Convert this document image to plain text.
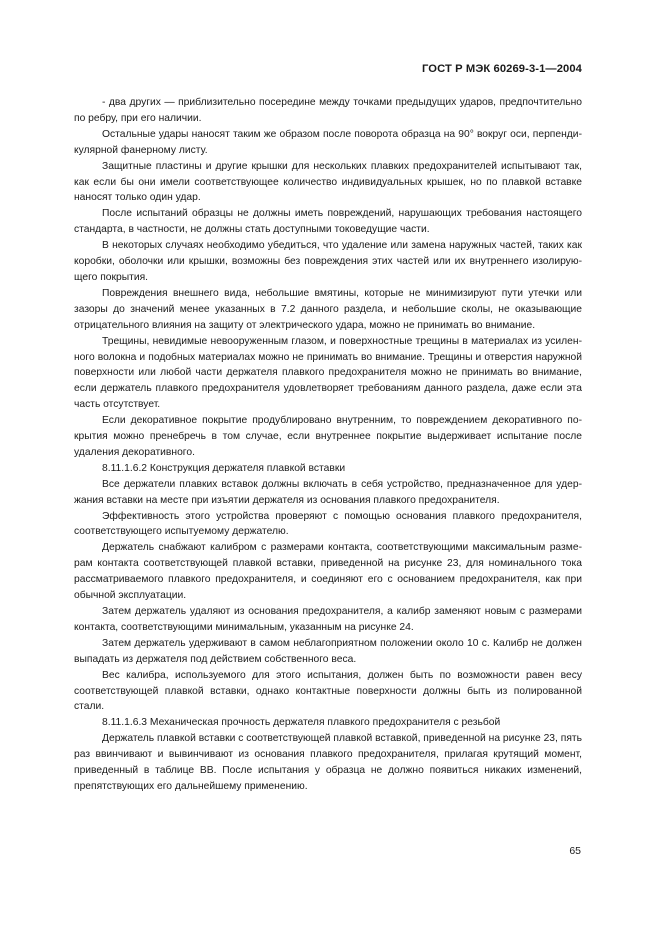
ГОСТ Р МЭК 60269-3-1—2004

- два других — приблизительно посередине между точками предыдущих ударов, предпочтительно по ребру, при его наличии.

Остальные удары наносят таким же образом после поворота образца на 90° вокруг оси, перпендикулярной фанерному листу.

Защитные пластины и другие крышки для нескольких плавких предохранителей испытывают так, как если бы они имели соответствующее количество индивидуальных крышек, но по плавкой вставке наносят только один удар.

После испытаний образцы не должны иметь повреждений, нарушающих требования настоящего стандарта, в частности, не должны стать доступными токоведущие части.

В некоторых случаях необходимо убедиться, что удаление или замена наружных частей, таких как коробки, оболочки или крышки, возможны без повреждения этих частей или их внутреннего изолирующего покрытия.

Повреждения внешнего вида, небольшие вмятины, которые не минимизируют пути утечки или зазоры до значений менее указанных в 7.2 данного раздела, и небольшие сколы, не оказывающие отрицательного влияния на защиту от электрического удара, можно не принимать во внимание.

Трещины, невидимые невооруженным глазом, и поверхностные трещины в материалах из усиленного волокна и подобных материалах можно не принимать во внимание. Трещины и отверстия наружной поверхности или любой части держателя плавкого предохранителя можно не принимать во внимание, если держатель плавкого предохранителя удовлетворяет требованиям данного раздела, даже если эта часть отсутствует.

Если декоративное покрытие продублировано внутренним, то повреждением декоративного покрытия можно пренебречь в том случае, если внутреннее покрытие выдерживает испытание после удаления декоративного.

8.11.1.6.2 Конструкция держателя плавкой вставки

Все держатели плавких вставок должны включать в себя устройство, предназначенное для удержания вставки на месте при изъятии держателя из основания плавкого предохранителя.

Эффективность этого устройства проверяют с помощью основания плавкого предохранителя, соответствующего испытуемому держателю.

Держатель снабжают калибром с размерами контакта, соответствующими максимальным размерам контакта соответствующей плавкой вставки, приведенной на рисунке 23, для номинального тока рассматриваемого плавкого предохранителя, и соединяют его с основанием предохранителя, как при обычной эксплуатации.

Затем держатель удаляют из основания предохранителя, а калибр заменяют новым с размерами контакта, соответствующими минимальным, указанным на рисунке 24.

Затем держатель удерживают в самом неблагоприятном положении около 10 с. Калибр не должен выпадать из держателя под действием собственного веса.

Вес калибра, используемого для этого испытания, должен быть по возможности равен весу соответствующей плавкой вставки, однако контактные поверхности должны быть из полированной стали.

8.11.1.6.3 Механическая прочность держателя плавкого предохранителя с резьбой

Держатель плавкой вставки с соответствующей плавкой вставкой, приведенной на рисунке 23, пять раз ввинчивают и вывинчивают из основания плавкого предохранителя, прилагая крутящий момент, приведенный в таблице ВВ. После испытания у образца не должно появиться никаких изменений, препятствующих его дальнейшему применению.

65
